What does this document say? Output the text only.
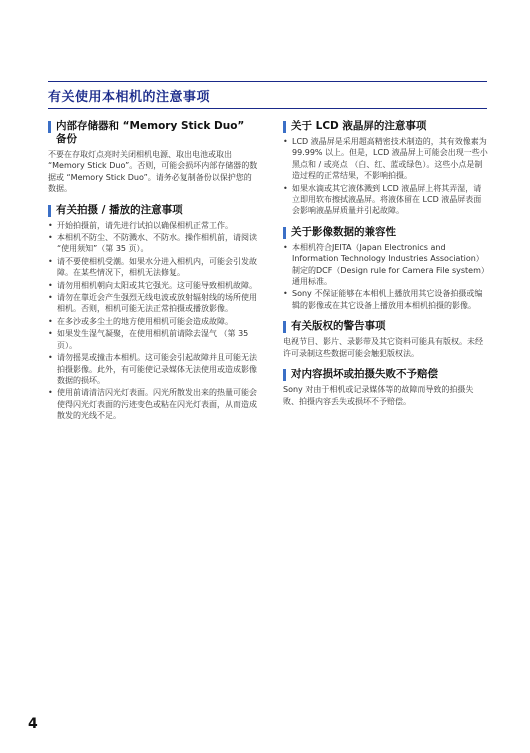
有关使用本相机的注意事项
内部存储器和 “Memory Stick Duo” 备份

不要在存取灯点亮时关闭相机电源、取出电池或取出 “Memory Stick Duo”。否则，可能会损坏内部存储器的数据或 “Memory Stick Duo”。请务必复制备份以保护您的数据。

有关拍摄 / 播放的注意事项
• 开始拍摄前，请先进行试拍以确保相机正常工作。
• 本相机不防尘、不防溅水、不防水。操作相机前，请阅读 “使用须知”（第 35 页）。
• 请不要使相机受潮。如果水分进入相机内，可能会引发故障。在某些情况下，相机无法修复。
• 请勿用相机朝向太阳或其它强光。这可能导致相机故障。
• 请勿在靠近会产生强烈无线电波或放射辐射线的场所使用相机。否则，相机可能无法正常拍摄或播放影像。
• 在多沙或多尘土的地方使用相机可能会造成故障。
• 如果发生湿气凝聚，在使用相机前请除去湿气 （第 35 页）。
• 请勿摇晃或撞击本相机。这可能会引起故障并且可能无法拍摄影像。此外，有可能使记录媒体无法使用或造成影像数据的损坏。
• 使用前请清洁闪光灯表面。闪光所散发出来的热量可能会使得闪光灯表面的污迹变色或粘在闪光灯表面，从而造成散发的光线不足。
关于 LCD 液晶屏的注意事项
• LCD 液晶屏是采用超高精密技术制造的，其有效像素为 99.99% 以上。但是，LCD 液晶屏上可能会出现一些小黑点和 / 或亮点 （白、红、蓝或绿色）。这些小点是制造过程的正常结果，不影响拍摄。
• 如果水滴或其它液体溅到 LCD 液晶屏上将其弄湿，请立即用软布擦拭液晶屏。将液体留在 LCD 液晶屏表面会影响液晶屏质量并引起故障。
关于影像数据的兼容性
• 本相机符合JEITA（Japan Electronics and Information Technology Industries Association）制定的DCF（Design rule for Camera File system）通用标准。
• Sony 不保证能够在本相机上播放用其它设备拍摄或编辑的影像或在其它设备上播放用本相机拍摄的影像。
有关版权的警告事项

电视节目、影片、录影带及其它资料可能具有版权。未经许可录制这些数据可能会触犯版权法。

对内容损坏或拍摄失败不予赔偿

Sony 对由于相机或记录媒体等的故障而导致的拍摄失败、拍摄内容丢失或损坏不予赔偿。

4
